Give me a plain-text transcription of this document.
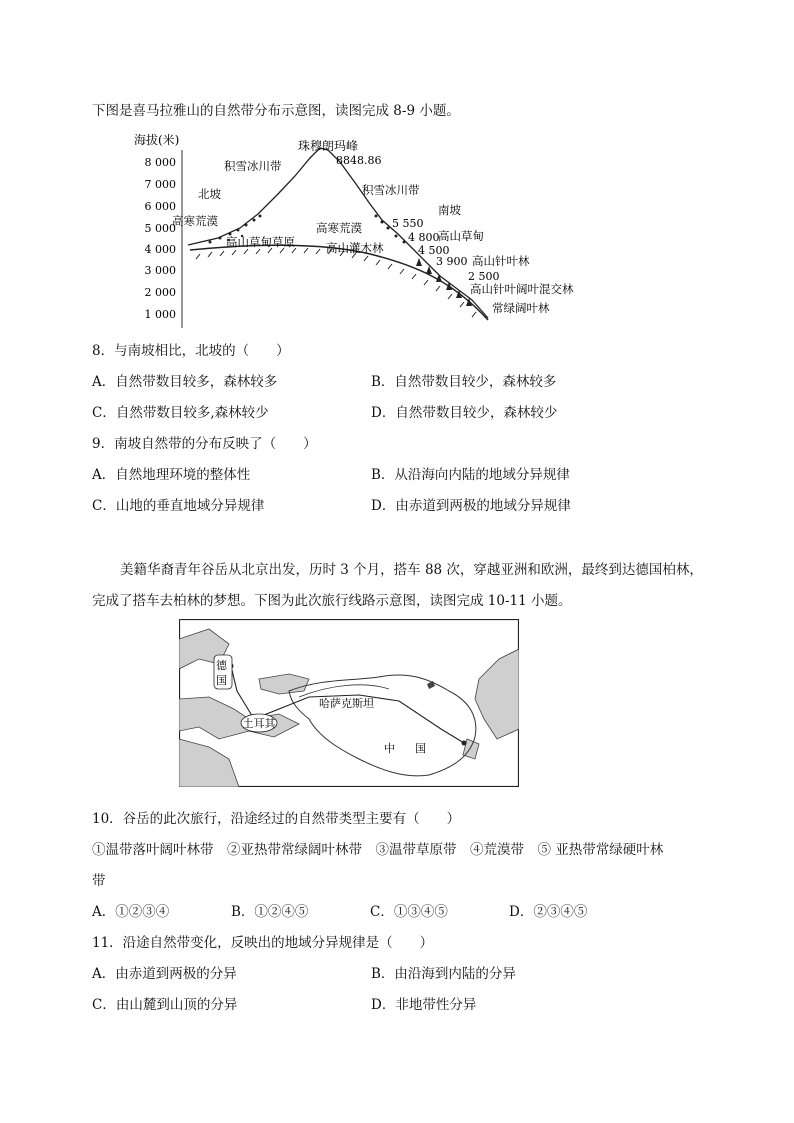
下图是喜马拉雅山的自然带分布示意图，读图完成 8-9 小题。
海拔(米)
8 000
7 000
6 000
5 000
4 000
3 000
2 000
1 000
珠穆朗玛峰
8848.86
积雪冰川带
北坡
高寒荒漠
高山草甸草原
积雪冰川带
南坡
高寒荒漠	5 550
4 800
高山草甸
高山灌木林	4 500
3 900 高山针叶林
2 500
高山针叶阔叶混交林
常绿阔叶林
8．与南坡相比，北坡的（　　）
A．自然带数目较多，森林较多	B．自然带数目较少，森林较多
C．自然带数目较多,森林较少	D．自然带数目较少，森林较少
9．南坡自然带的分布反映了（　　）
A．自然地理环境的整体性	B．从沿海向内陆的地域分异规律
C．山地的垂直地域分异规律	D．由赤道到两极的地域分异规律
美籍华裔青年谷岳从北京出发，历时 3 个月，搭车 88 次，穿越亚洲和欧洲，最终到达德国柏林，
完成了搭车去柏林的梦想。下图为此次旅行线路示意图，读图完成 10-11 小题。
德
国
德国
土耳其
哈萨克斯坦
中国
10．谷岳的此次旅行，沿途经过的自然带类型主要有（　　）
①温带落叶阔叶林带　②亚热带常绿阔叶林带　③温带草原带　④荒漠带　⑤ 亚热带常绿硬叶林
带
A．①②③④	B．①②④⑤	C．①③④⑤	D．②③④⑤
11．沿途自然带变化，反映出的地域分异规律是（　　）
A．由赤道到两极的分异	B．由沿海到内陆的分异
C．由山麓到山顶的分异	D．非地带性分异
